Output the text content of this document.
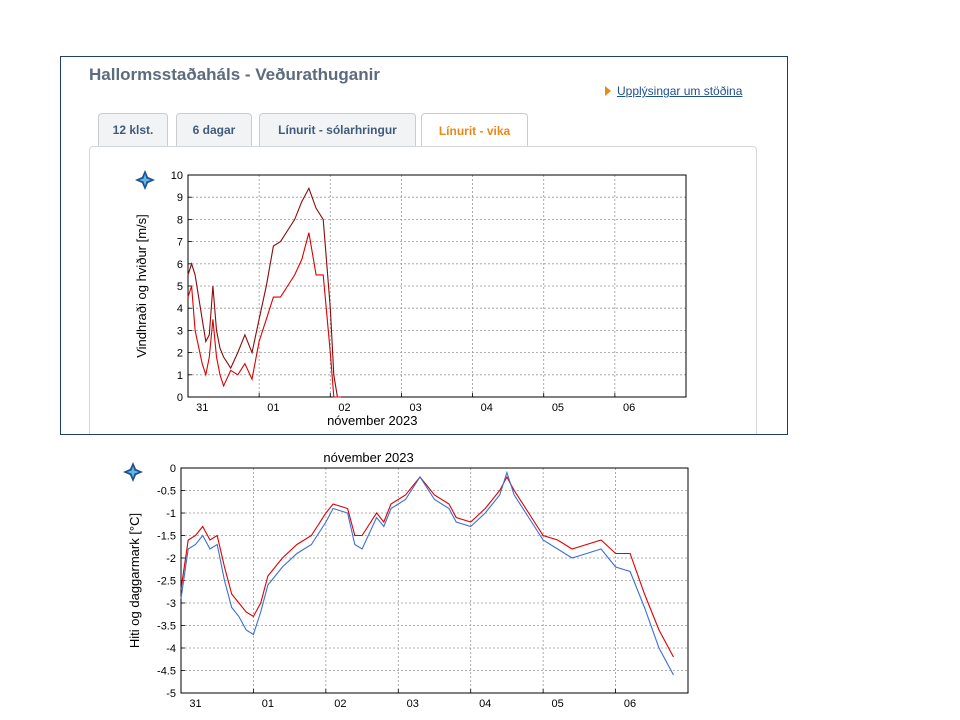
Hallormsstaðaháls - Veðurathuganir
Upplýsingar um stöðina
12 klst.	6 dagar	Línurit - sólarhringur	Línurit - vika
10
9
8
7
6
5
4
3
2
1
0
31	01	02	03	04	05	06
Vindhraði og hviður [m/s]
nóvember 2023
0
-0.5
-1
-1.5
-2
-2.5
-3
-3.5
-4
-4.5
-5
31	01	02	03	04	05	06
Hiti og daggarmark [°C]
nóvember 2023
